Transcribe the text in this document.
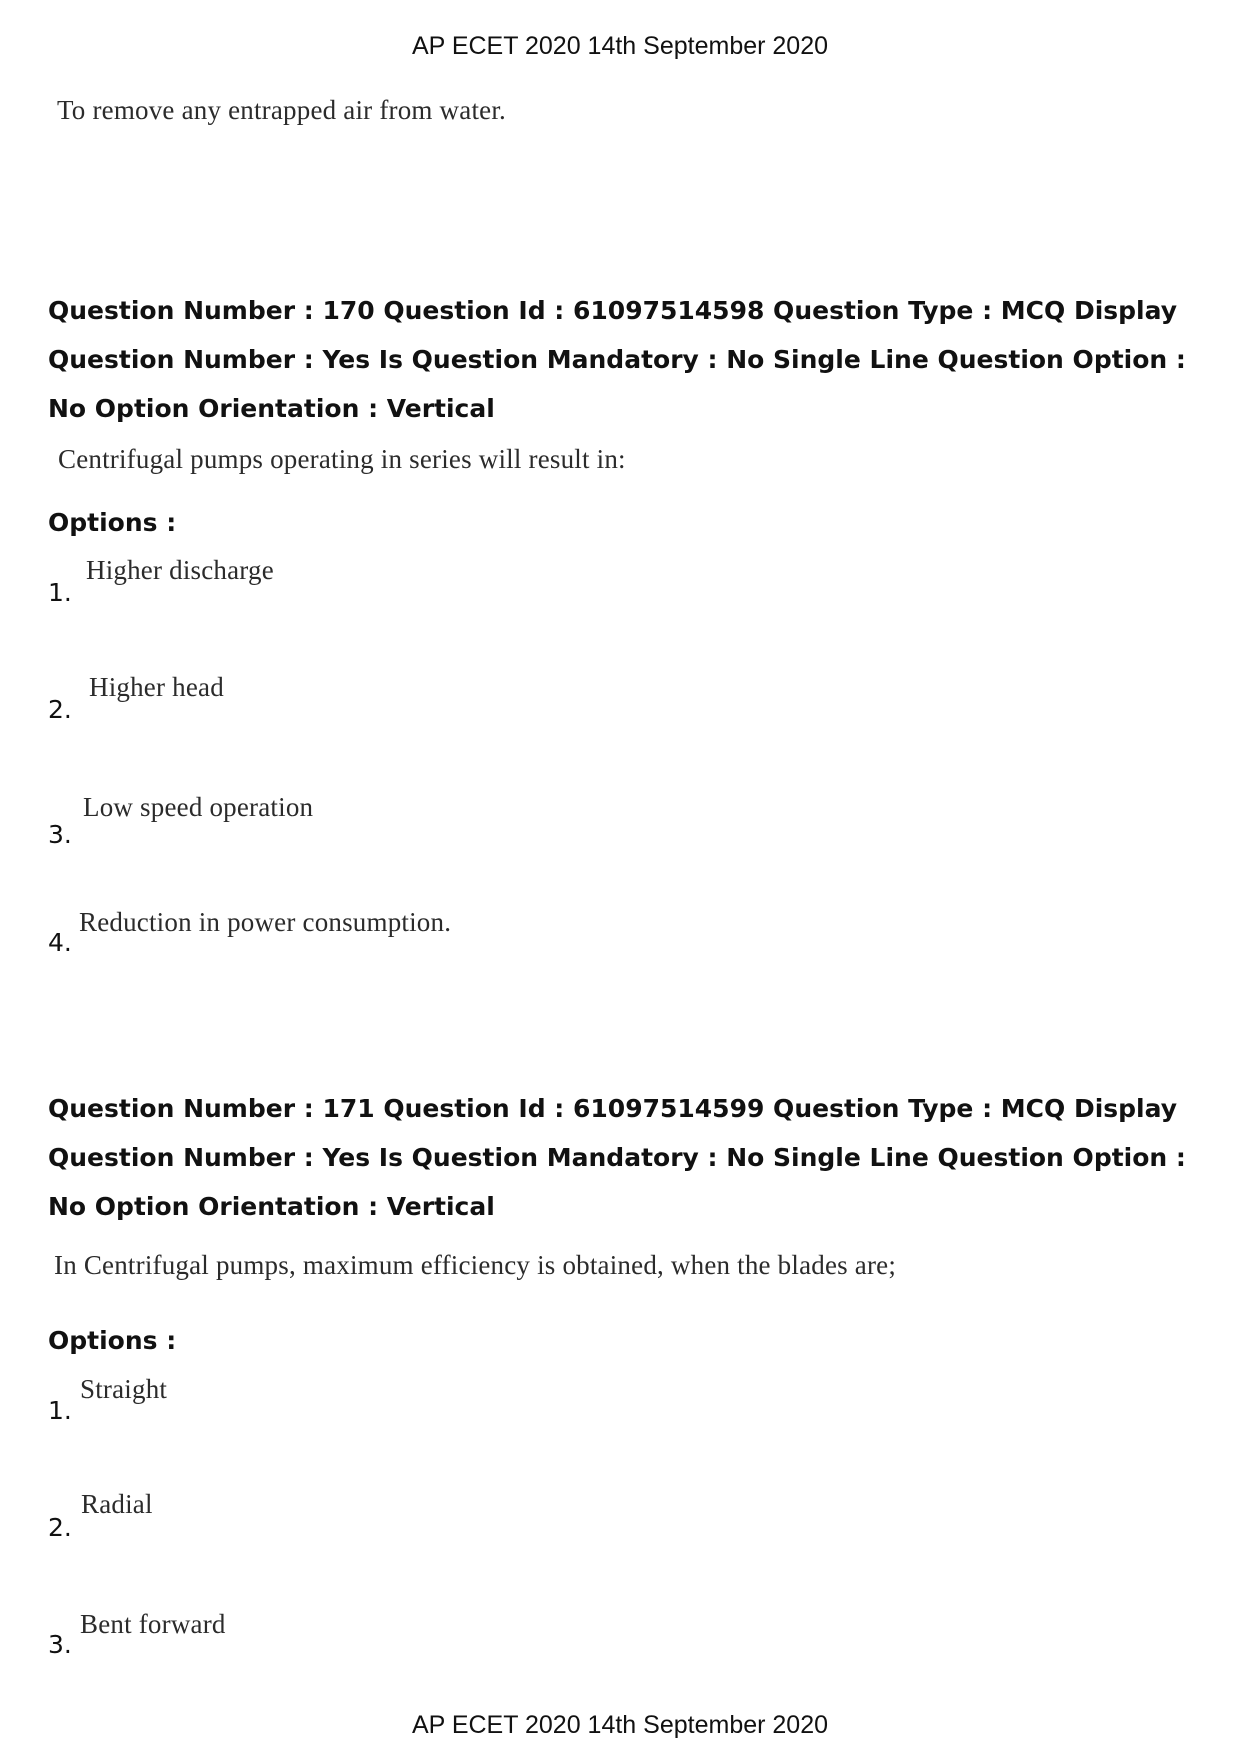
AP ECET 2020 14th September 2020
To remove any entrapped air from water.
Question Number : 170 Question Id : 61097514598 Question Type : MCQ Display Question Number : Yes Is Question Mandatory : No Single Line Question Option : No Option Orientation : Vertical
Centrifugal pumps operating in series will result in:
Options :
1.
Higher discharge
2.
Higher head
3.
Low speed operation
4.
Reduction in power consumption.
Question Number : 171 Question Id : 61097514599 Question Type : MCQ Display Question Number : Yes Is Question Mandatory : No Single Line Question Option : No Option Orientation : Vertical
In Centrifugal pumps, maximum efficiency is obtained, when the blades are;
Options :
1.
Straight
2.
Radial
3.
Bent forward
AP ECET 2020 14th September 2020
